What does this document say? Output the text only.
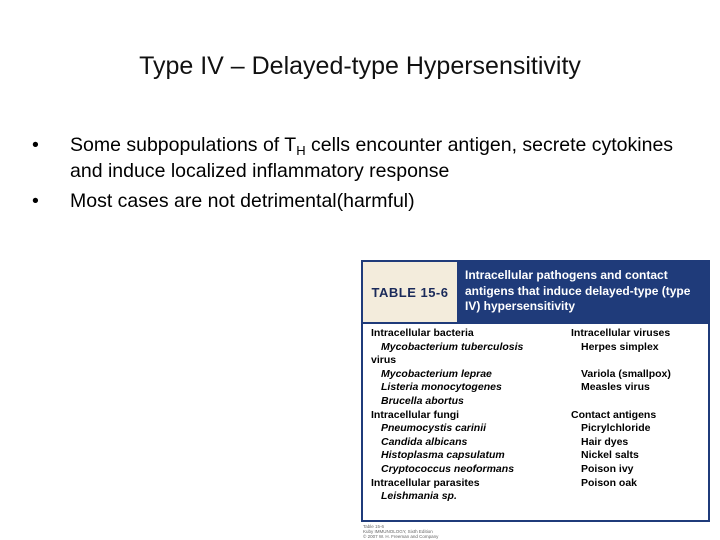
Type IV – Delayed-type Hypersensitivity
•	Some subpopulations of $T_H$ cells encounter antigen, secrete cytokines and induce localized inflammatory response
•	Most cases are not detrimental(harmful)
TABLE 15-6
Intracellular pathogens and contact antigens that induce delayed-type (type IV) hypersensitivity
Intracellular bacteria
Mycobacterium tuberculosis
virus
Mycobacterium leprae
Listeria monocytogenes
Brucella abortus
Intracellular fungi
Pneumocystis carinii
Candida albicans
Histoplasma capsulatum
Cryptococcus neoformans
Intracellular parasites
Leishmania sp.
Intracellular viruses
Herpes simplex
Variola (smallpox)
Measles virus
Contact antigens
Picrylchloride
Hair dyes
Nickel salts
Poison ivy
Poison oak
Table 15-6
Kuby IMMUNOLOGY, Sixth Edition
© 2007 W. H. Freeman and Company
